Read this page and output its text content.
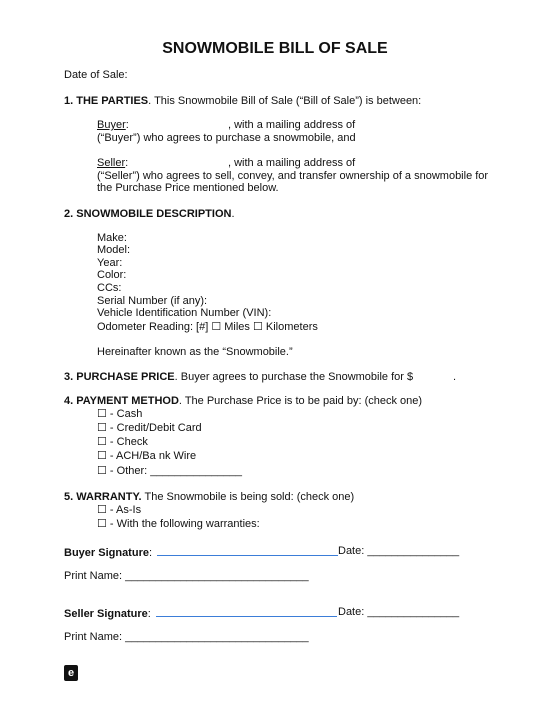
SNOWMOBILE BILL OF SALE
Date of Sale:
1. THE PARTIES. This Snowmobile Bill of Sale (“Bill of Sale”) is between:
Buyer:	, with a mailing address of
(“Buyer”) who agrees to purchase a snowmobile, and
Seller:	, with a mailing address of
(“Seller”) who agrees to sell, convey, and transfer ownership of a snowmobile for
the Purchase Price mentioned below.
2. SNOWMOBILE DESCRIPTION.
Make:
Model:
Year:
Color:
CCs:
Serial Number (if any):
Vehicle Identification Number (VIN):
Odometer Reading: [#] ☐ Miles ☐ Kilometers
Hereinafter known as the “Snowmobile.”
3. PURCHASE PRICE. Buyer agrees to purchase the Snowmobile for $	.
4. PAYMENT METHOD. The Purchase Price is to be paid by: (check one)
☐ - Cash
☐ - Credit/Debit Card
☐ - Check
☐ - ACH/Ba nk Wire
☐ - Other: _______________
5. WARRANTY. The Snowmobile is being sold: (check one)
☐ - As-Is
☐ - With the following warranties:
Buyer Signature:	Date: _______________
Print Name: ______________________________
Seller Signature:	Date: _______________
Print Name: ______________________________
e
